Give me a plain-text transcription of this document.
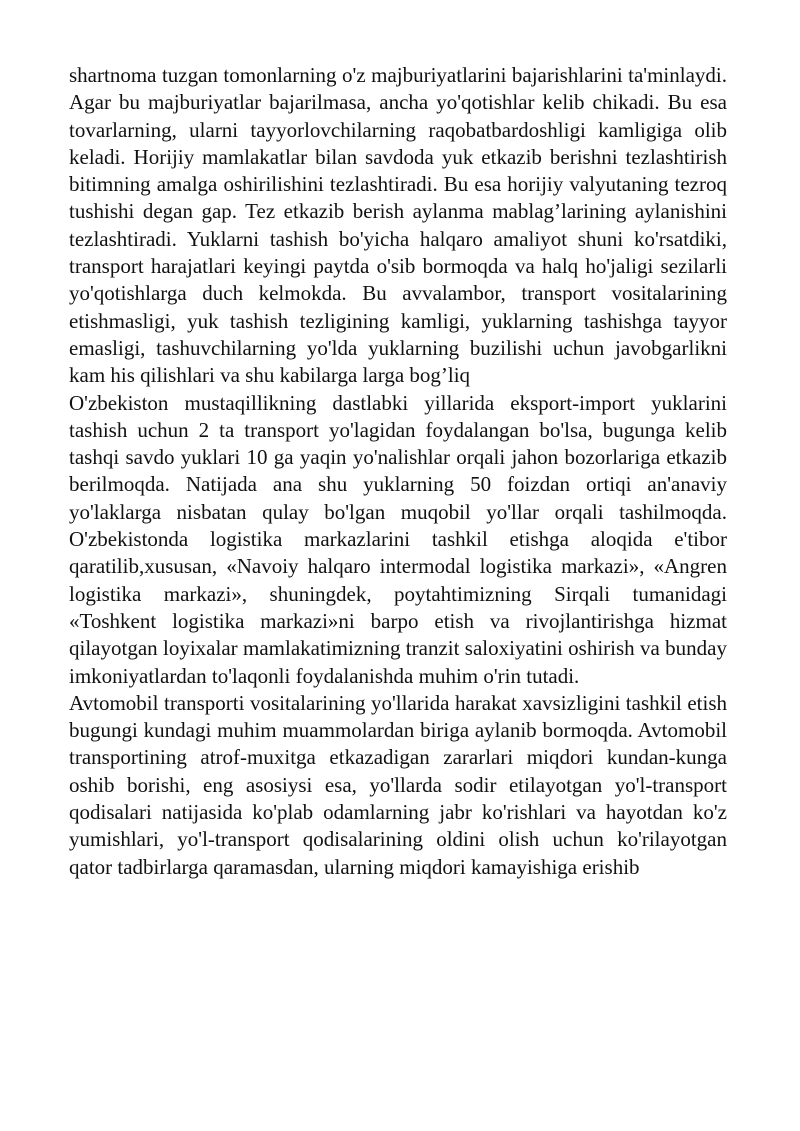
shartnoma tuzgan tomonlarning o'z majburiyatlarini bajarishlarini ta'minlaydi. Agar bu majburiyatlar bajarilmasa, ancha yo'qotishlar kelib chikadi. Bu esa tovarlarning, ularni tayyorlovchilarning raqobatbardoshligi kamligiga olib keladi. Horijiy mamlakatlar bilan savdoda yuk etkazib berishni tezlashtirish bitimning amalga oshirilishini tezlashtiradi. Bu esa horijiy valyutaning tezroq tushishi degan gap. Tez etkazib berish aylanma mablag’larining aylanishini tezlashtiradi. Yuklarni tashish bo'yicha halqaro amaliyot shuni ko'rsatdiki, transport harajatlari keyingi paytda o'sib bormoqda va halq ho'jaligi sezilarli yo'qotishlarga duch kelmokda. Bu avvalambor, transport vositalarining etishmasligi, yuk tashish tezligining kamligi, yuklarning tashishga tayyor emasligi, tashuvchilarning yo'lda yuklarning buzilishi uchun javobgarlikni kam his qilishlari va shu kabilarga larga bog’liq

O'zbekiston mustaqillikning dastlabki yillarida eksport-import yuklarini tashish uchun 2 ta transport yo'lagidan foydalangan bo'lsa, bugunga kelib tashqi savdo yuklari 10 ga yaqin yo'nalishlar orqali jahon bozorlariga etkazib berilmoqda. Natijada ana shu yuklarning 50 foizdan ortiqi an'anaviy yo'laklarga nisbatan qulay bo'lgan muqobil yo'llar orqali tashilmoqda. O'zbekistonda logistika markazlarini tashkil etishga aloqida e'tibor qaratilib,xususan, «Navoiy halqaro intermodal logistika markazi», «Angren logistika markazi», shuningdek, poytahtimizning Sirqali tumanidagi «Toshkent logistika markazi»ni barpo etish va rivojlantirishga hizmat qilayotgan loyixalar mamlakatimizning tranzit saloxiyatini oshirish va bunday imkoniyatlardan to'laqonli foydalanishda muhim o'rin tutadi.

Avtomobil transporti vositalarining yo'llarida harakat xavsizligini tashkil etish bugungi kundagi muhim muammolardan biriga aylanib bormoqda. Avtomobil transportining atrof-muxitga etkazadigan zararlari miqdori kundan-kunga oshib borishi, eng asosiysi esa, yo'llarda sodir etilayotgan yo'l-transport qodisalari natijasida ko'plab odamlarning jabr ko'rishlari va hayotdan ko'z yumishlari, yo'l-transport qodisalarining oldini olish uchun ko'rilayotgan qator tadbirlarga qaramasdan, ularning miqdori kamayishiga erishib
